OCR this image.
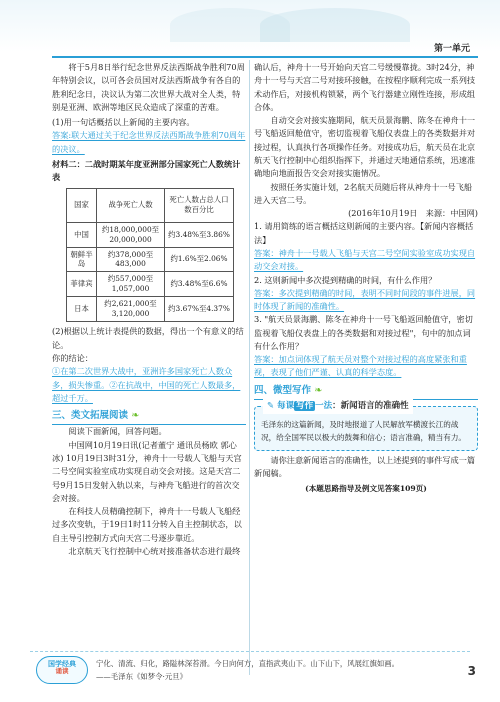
第一单元

将于5月8日举行纪念世界反法西斯战争胜利70周年特别会议，以可各会员国对反法西斯战争有各自的胜利纪念日，决议认为第二次世界大战对全人类，特别是亚洲、欧洲等地区民众造成了深重的苦难。

(1)用一句话概括以上新闻的主要内容。

答案:联大通过关于纪念世界反法西斯战争胜利70周年的决议。

材料二：二战时期某年度亚洲部分国家死亡人数统计表

国家	战争死亡人数	死亡人数占总人口数百分比
中国	约18,000,000至20,000,000	约3.48%至3.86%
朝鲜半岛	约378,000至483,000	约1.6%至2.06%
菲律宾	约557,000至1,057,000	约3.48%至6.6%
日本	约2,621,000至3,120,000	约3.67%至4.37%

(2)根据以上统计表提供的数据，得出一个有意义的结论。

你的结论：

①在第二次世界大战中，亚洲许多国家死亡人数众多，损失惨重。②在抗战中，中国的死亡人数最多，超过千万。

三、类文拓展阅读 ❧

阅读下面新闻，回答问题。

中国网10月19日讯(记者董宁 通讯员杨欧 郭心冰) 10月19日3时31分，神舟十一号载人飞船与天宫二号空间实验室成功实现自动交会对接。这是天宫二号9月15日发射入轨以来，与神舟飞船进行的首次交会对接。

在科技人员精确控制下，神舟十一号载人飞船经过多次变轨，于19日1时11分转入自主控制状态，以自主导引控制方式向天宫二号逐步靠近。

北京航天飞行控制中心统对接准备状态进行最终

确认后，神舟十一号开始向天宫二号缓慢靠拢。3时24分，神舟十一号与天宫二号对接环接触，在按程序顺利完成一系列技术动作后，对接机构锁紧，两个飞行器建立刚性连接，形成组合体。

自动交会对接实施期间，航天员景海鹏、陈冬在神舟十一号飞船返回舱值守，密切监视着飞船仪表盘上的各类数据并对接过程，认真执行各项操作任务。对接成功后，航天员在北京航天飞行控制中心组织指挥下，并通过天地通信系统，迅速准确地向地面报告交会对接实施情况。

按照任务实施计划，2名航天员随后将从神舟十一号飞船进入天宫二号。

(2016年10月19日　来源：中国网)

1. 请用简练的语言概括这则新闻的主要内容。【新闻内容概括法】

答案：神舟十一号载人飞船与天宫二号空间实验室成功实现自动交会对接。

2. 这则新闻中多次提到精确的时间，有什么作用？

答案：多次提到精确的时间，表明不同时间段的事件进展，同时体现了新闻的准确性。

3. "航天员景海鹏、陈冬在神舟十一号飞船返回舱值守，密切监视着飞船仪表盘上的各类数据和对接过程"，句中的加点词有什么作用？

答案：加点词体现了航天员对整个对接过程的高度紧张和重视，表现了他们严谨、认真的科学态度。

四、微型写作 ❧
✎ 每课 写作 一法：新闻语言的准确性

毛泽东的这篇新闻，及时地报道了人民解放军横渡长江的战况，给全国军民以极大的鼓舞和信心；语言准确，精当有力。

请你注意新闻语言的准确性，以上述提到的事件写成一篇新闻稿。

(本题思路指导及例文见答案109页)

国学经典
诵读
宁化、清流、归化，路隘林深苔滑。今日向何方，直指武夷山下。山下山下，风展红旗如画。——毛泽东《如梦令·元旦》	3
